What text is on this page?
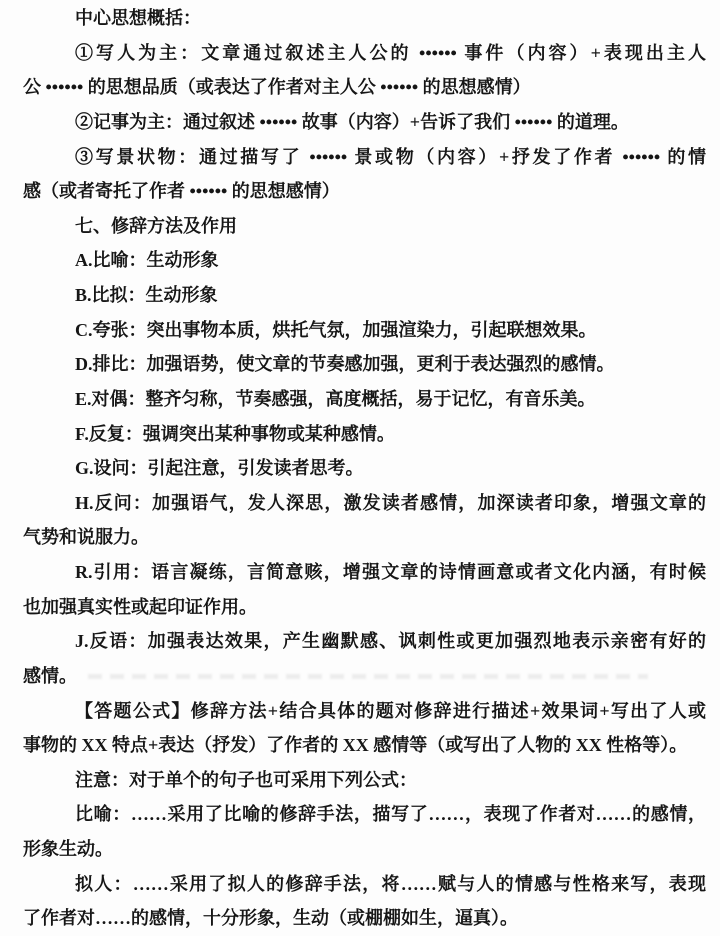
中心思想概括：
①写人为主：文章通过叙述主人公的 •••••• 事件（内容）+表现出主人
公 •••••• 的思想品质（或表达了作者对主人公 •••••• 的思想感情）
②记事为主：通过叙述 •••••• 故事（内容）+告诉了我们 •••••• 的道理。
③写景状物：通过描写了 •••••• 景或物（内容）+抒发了作者 •••••• 的情
感（或者寄托了作者 •••••• 的思想感情）
七、修辞方法及作用
A.比喻：生动形象
B.比拟：生动形象
C.夸张：突出事物本质，烘托气氛，加强渲染力，引起联想效果。
D.排比：加强语势，使文章的节奏感加强，更利于表达强烈的感情。
E.对偶：整齐匀称，节奏感强，高度概括，易于记忆，有音乐美。
F.反复：强调突出某种事物或某种感情。
G.设问：引起注意，引发读者思考。
H.反问：加强语气，发人深思，激发读者感情，加深读者印象，增强文章的
气势和说服力。
R.引用：语言凝练，言简意赅，增强文章的诗情画意或者文化内涵，有时候
也加强真实性或起印证作用。
J.反语：加强表达效果，产生幽默感、讽刺性或更加强烈地表示亲密有好的
感情。
【答题公式】修辞方法+结合具体的题对修辞进行描述+效果词+写出了人或
事物的 XX 特点+表达（抒发）了作者的 XX 感情等（或写出了人物的 XX 性格等）。
注意：对于单个的句子也可采用下列公式：
比喻：……采用了比喻的修辞手法，描写了……，表现了作者对……的感情，
形象生动。
拟人：……采用了拟人的修辞手法，将……赋与人的情感与性格来写，表现
了作者对……的感情，十分形象，生动（或棚棚如生，逼真）。
